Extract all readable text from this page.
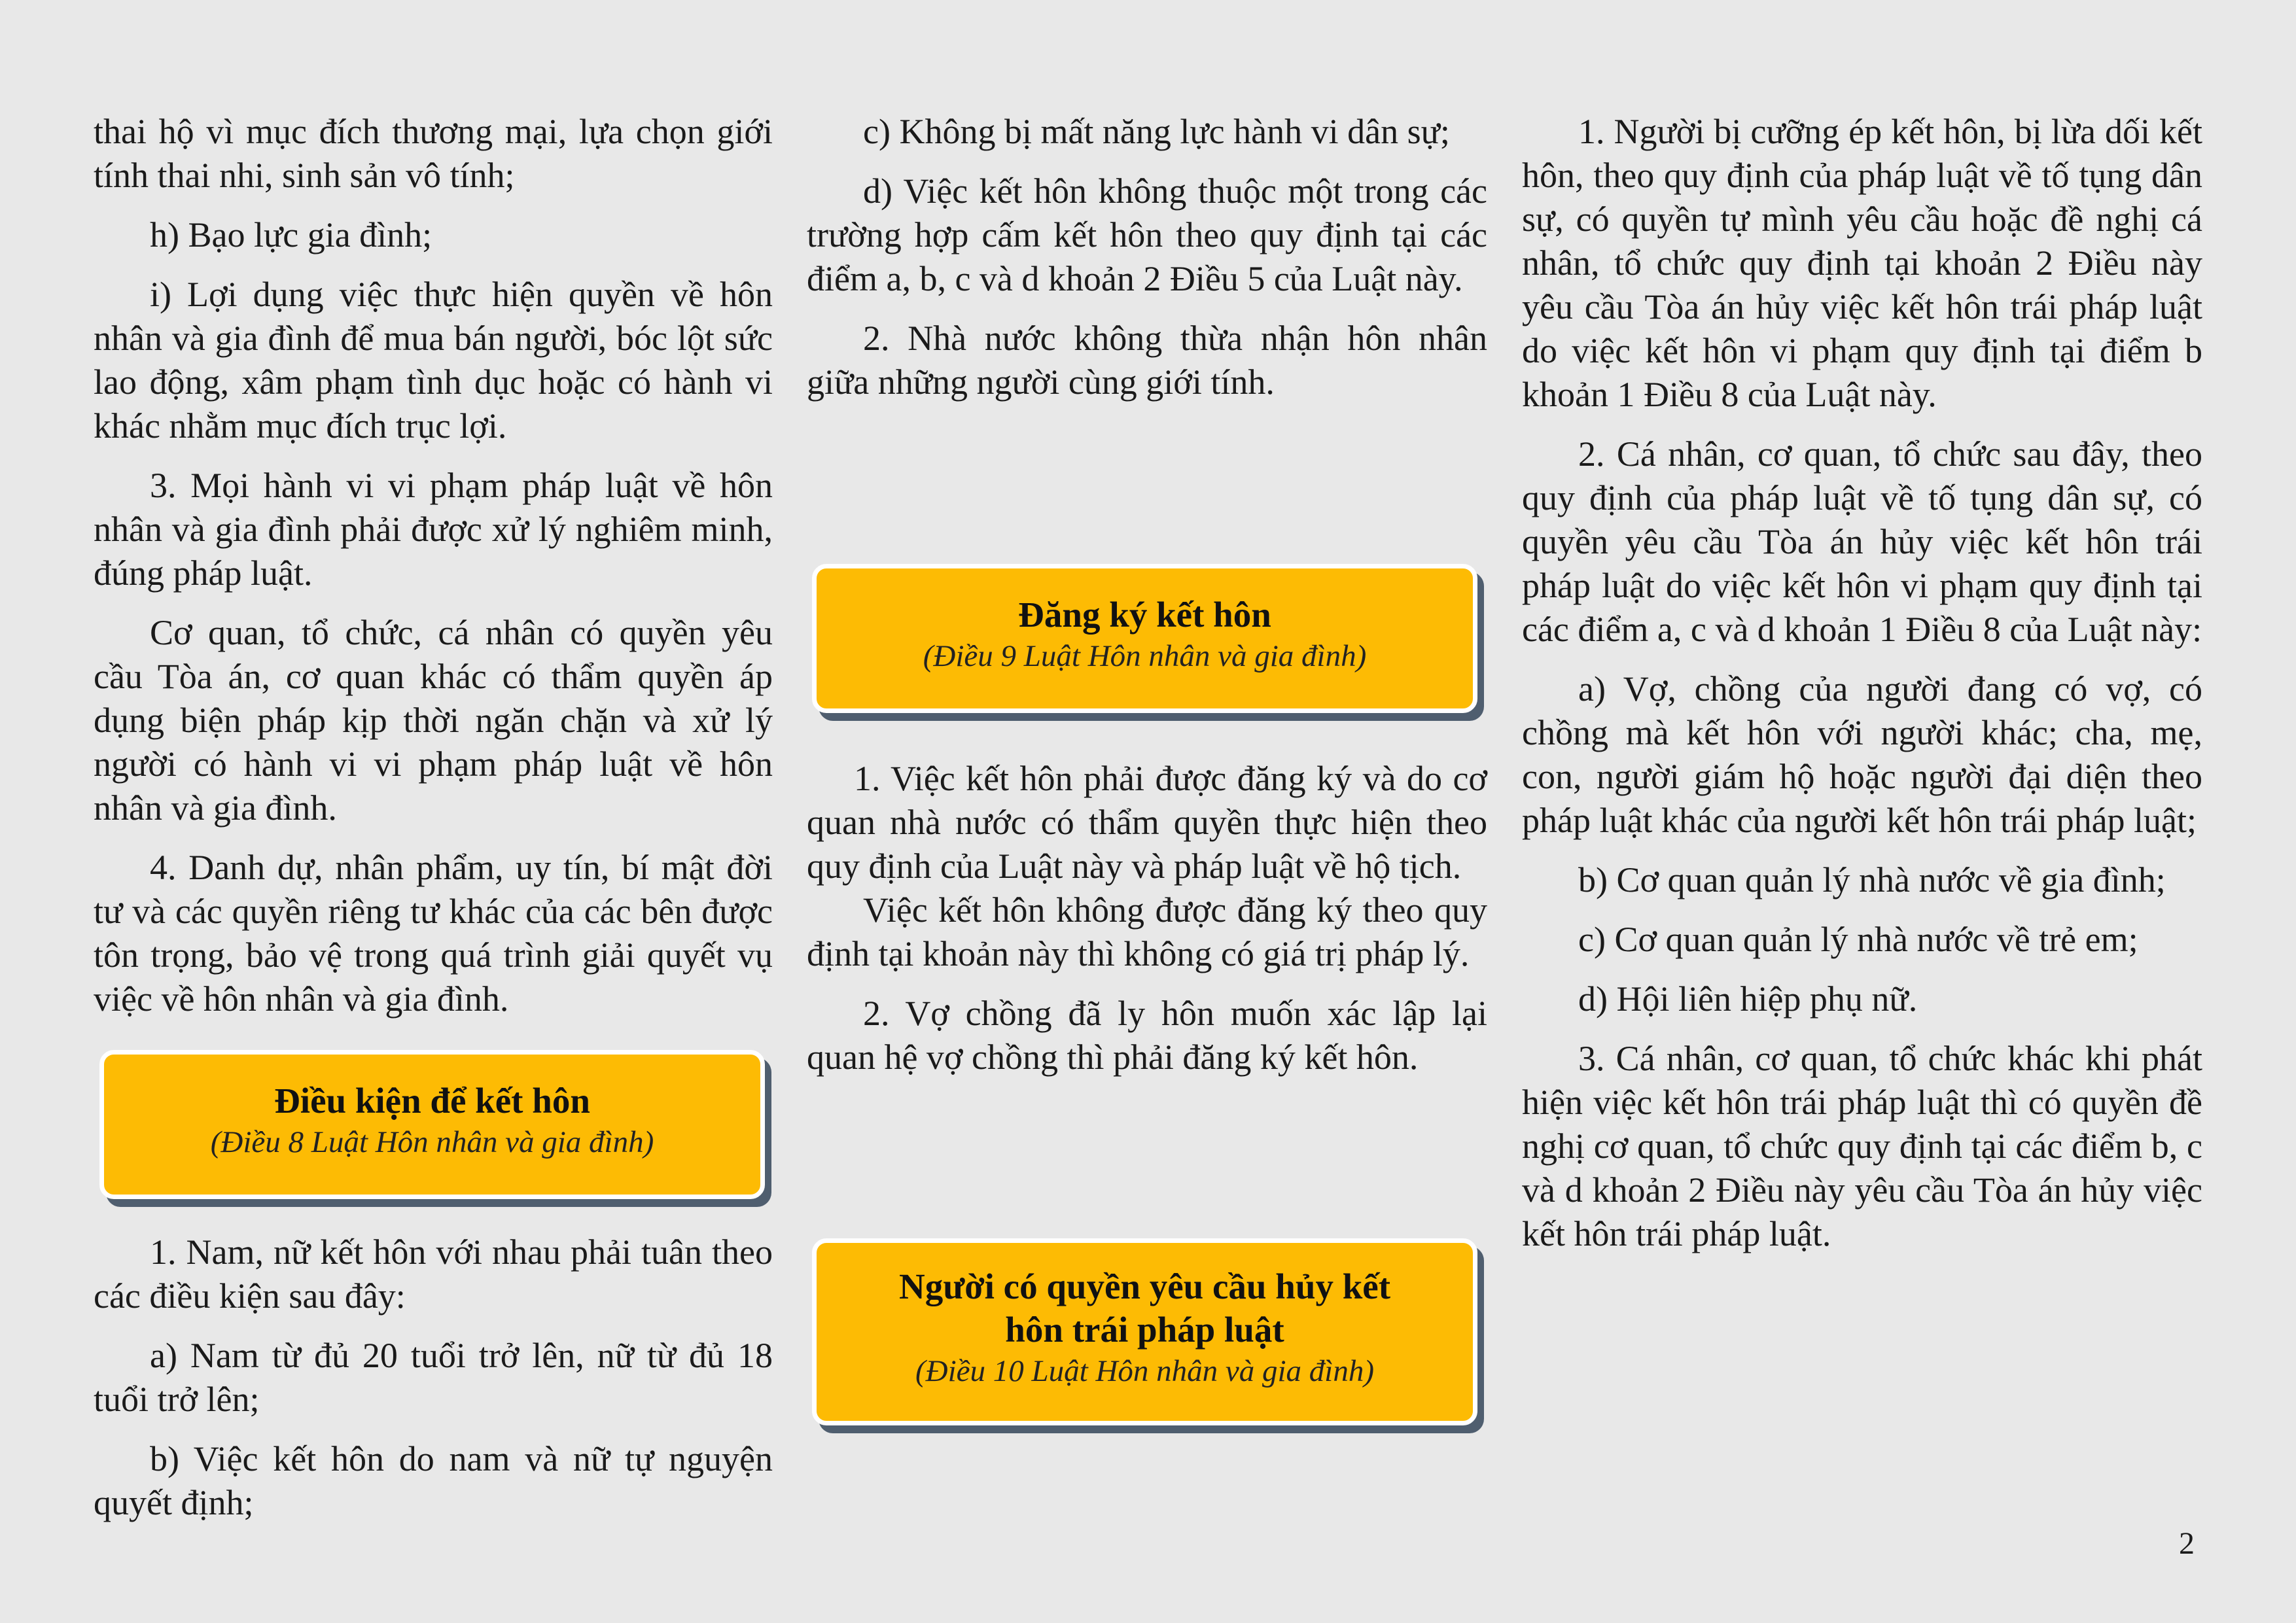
thai hộ vì mục đích thương mại, lựa chọn giới tính thai nhi, sinh sản vô tính;

h) Bạo lực gia đình;

i) Lợi dụng việc thực hiện quyền về hôn nhân và gia đình để mua bán người, bóc lột sức lao động, xâm phạm tình dục hoặc có hành vi khác nhằm mục đích trục lợi.

3. Mọi hành vi vi phạm pháp luật về hôn nhân và gia đình phải được xử lý nghiêm minh, đúng pháp luật.

Cơ quan, tổ chức, cá nhân có quyền yêu cầu Tòa án, cơ quan khác có thẩm quyền áp dụng biện pháp kịp thời ngăn chặn và xử lý người có hành vi vi phạm pháp luật về hôn nhân và gia đình.

4. Danh dự, nhân phẩm, uy tín, bí mật đời tư và các quyền riêng tư khác của các bên được tôn trọng, bảo vệ trong quá trình giải quyết vụ việc về hôn nhân và gia đình.

Điều kiện để kết hôn
(Điều 8 Luật Hôn nhân và gia đình)

1. Nam, nữ kết hôn với nhau phải tuân theo các điều kiện sau đây:

a) Nam từ đủ 20 tuổi trở lên, nữ từ đủ 18 tuổi trở lên;

b) Việc kết hôn do nam và nữ tự nguyện quyết định;

c) Không bị mất năng lực hành vi dân sự;

d) Việc kết hôn không thuộc một trong các trường hợp cấm kết hôn theo quy định tại các điểm a, b, c và d khoản 2 Điều 5 của Luật này.

2. Nhà nước không thừa nhận hôn nhân giữa những người cùng giới tính.

Đăng ký kết hôn
(Điều 9 Luật Hôn nhân và gia đình)

1. Việc kết hôn phải được đăng ký và do cơ quan nhà nước có thẩm quyền thực hiện theo quy định của Luật này và pháp luật về hộ tịch.

Việc kết hôn không được đăng ký theo quy định tại khoản này thì không có giá trị pháp lý.

2. Vợ chồng đã ly hôn muốn xác lập lại quan hệ vợ chồng thì phải đăng ký kết hôn.

Người có quyền yêu cầu hủy kết
hôn trái pháp luật
(Điều 10 Luật Hôn nhân và gia đình)

1. Người bị cưỡng ép kết hôn, bị lừa dối kết hôn, theo quy định của pháp luật về tố tụng dân sự, có quyền tự mình yêu cầu hoặc đề nghị cá nhân, tổ chức quy định tại khoản 2 Điều này yêu cầu Tòa án hủy việc kết hôn trái pháp luật do việc kết hôn vi phạm quy định tại điểm b khoản 1 Điều 8 của Luật này.

2. Cá nhân, cơ quan, tổ chức sau đây, theo quy định của pháp luật về tố tụng dân sự, có quyền yêu cầu Tòa án hủy việc kết hôn trái pháp luật do việc kết hôn vi phạm quy định tại các điểm a, c và d khoản 1 Điều 8 của Luật này:

a) Vợ, chồng của người đang có vợ, có chồng mà kết hôn với người khác; cha, mẹ, con, người giám hộ hoặc người đại diện theo pháp luật khác của người kết hôn trái pháp luật;

b) Cơ quan quản lý nhà nước về gia đình;

c) Cơ quan quản lý nhà nước về trẻ em;

d) Hội liên hiệp phụ nữ.

3. Cá nhân, cơ quan, tổ chức khác khi phát hiện việc kết hôn trái pháp luật thì có quyền đề nghị cơ quan, tổ chức quy định tại các điểm b, c và d khoản 2 Điều này yêu cầu Tòa án hủy việc kết hôn trái pháp luật.

2
